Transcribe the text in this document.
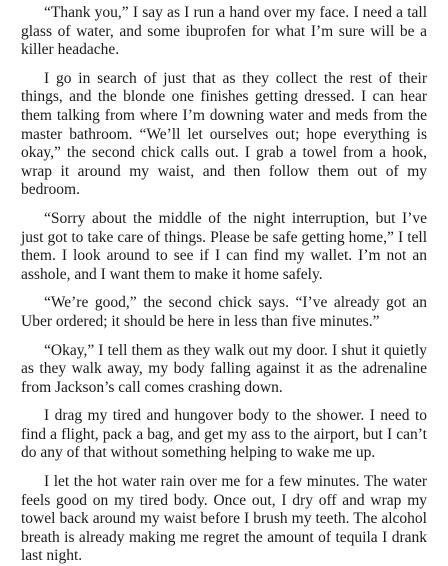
“Thank you,” I say as I run a hand over my face. I need a tall glass of water, and some ibuprofen for what I’m sure will be a killer headache.

I go in search of just that as they collect the rest of their things, and the blonde one finishes getting dressed. I can hear them talking from where I’m downing water and meds from the master bathroom. “We’ll let ourselves out; hope everything is okay,” the second chick calls out. I grab a towel from a hook, wrap it around my waist, and then follow them out of my bedroom.

“Sorry about the middle of the night interruption, but I’ve just got to take care of things. Please be safe getting home,” I tell them. I look around to see if I can find my wallet. I’m not an asshole, and I want them to make it home safely.

“We’re good,” the second chick says. “I’ve already got an Uber ordered; it should be here in less than five minutes.”

“Okay,” I tell them as they walk out my door. I shut it quietly as they walk away, my body falling against it as the adrenaline from Jackson’s call comes crashing down.

I drag my tired and hungover body to the shower. I need to find a flight, pack a bag, and get my ass to the airport, but I can’t do any of that without something helping to wake me up.

I let the hot water rain over me for a few minutes. The water feels good on my tired body. Once out, I dry off and wrap my towel back around my waist before I brush my teeth. The alcohol breath is already making me regret the amount of tequila I drank last night.
